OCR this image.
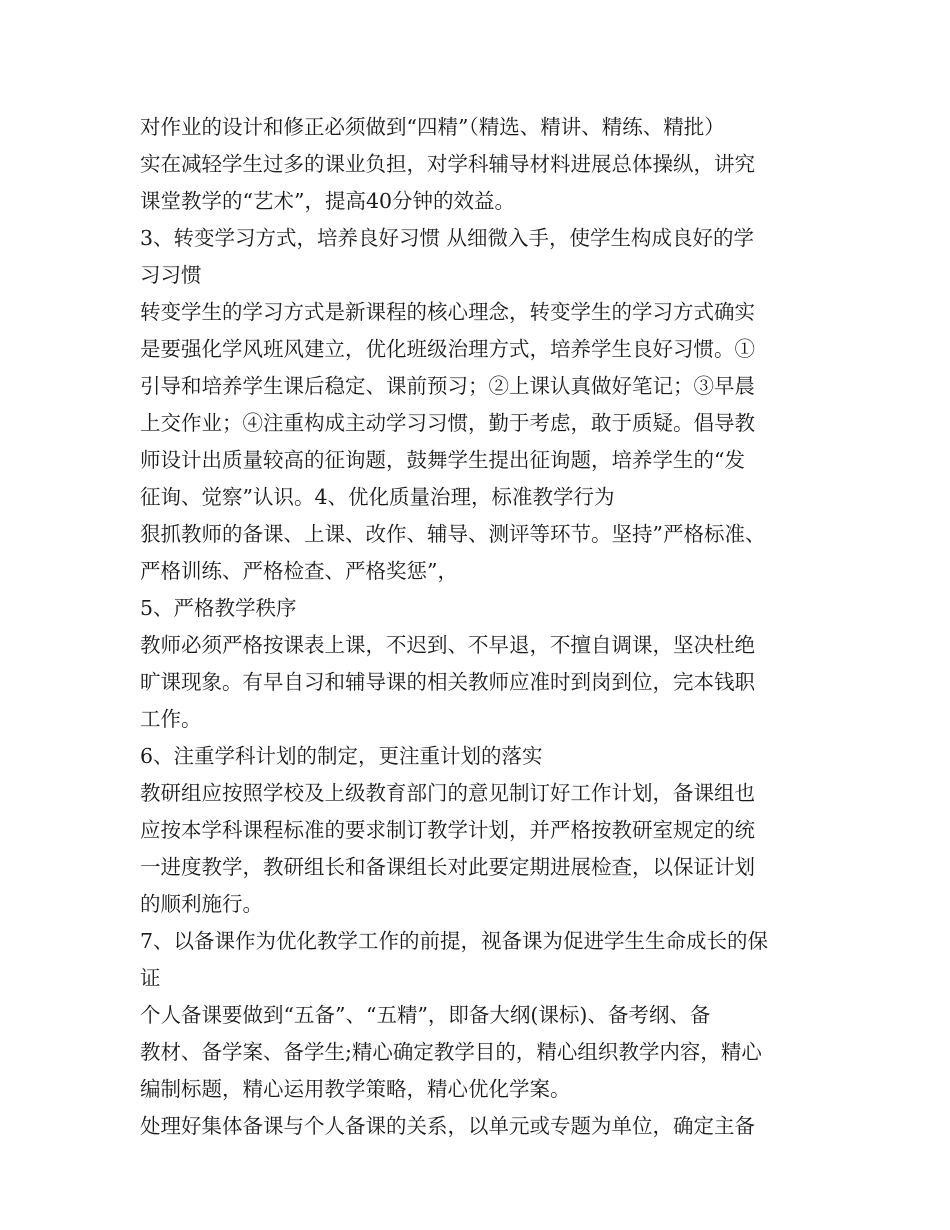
对作业的设计和修正必须做到“四精”（精选、精讲、精练、精批）
实在减轻学生过多的课业负担，对学科辅导材料进展总体操纵，讲究
课堂教学的“艺术”，提高40分钟的效益。
3、转变学习方式，培养良好习惯 从细微入手，使学生构成良好的学
习习惯
转变学生的学习方式是新课程的核心理念，转变学生的学习方式确实
是要强化学风班风建立，优化班级治理方式，培养学生良好习惯。①
引导和培养学生课后稳定、课前预习；②上课认真做好笔记；③早晨
上交作业；④注重构成主动学习习惯，勤于考虑，敢于质疑。倡导教
师设计出质量较高的征询题，鼓舞学生提出征询题，培养学生的“发
征询、觉察”认识。4、优化质量治理，标准教学行为
狠抓教师的备课、上课、改作、辅导、测评等环节。坚持”严格标准、
严格训练、严格检查、严格奖惩”，
5、严格教学秩序
教师必须严格按课表上课，不迟到、不早退，不擅自调课，坚决杜绝
旷课现象。有早自习和辅导课的相关教师应准时到岗到位，完本钱职
工作。
6、注重学科计划的制定，更注重计划的落实
教研组应按照学校及上级教育部门的意见制订好工作计划，备课组也
应按本学科课程标准的要求制订教学计划，并严格按教研室规定的统
一进度教学，教研组长和备课组长对此要定期进展检查，以保证计划
的顺利施行。
7、以备课作为优化教学工作的前提，视备课为促进学生生命成长的保
证
个人备课要做到“五备”、“五精”，即备大纲(课标)、备考纲、备
教材、备学案、备学生;精心确定教学目的，精心组织教学内容，精心
编制标题，精心运用教学策略，精心优化学案。
处理好集体备课与个人备课的关系，以单元或专题为单位，确定主备
